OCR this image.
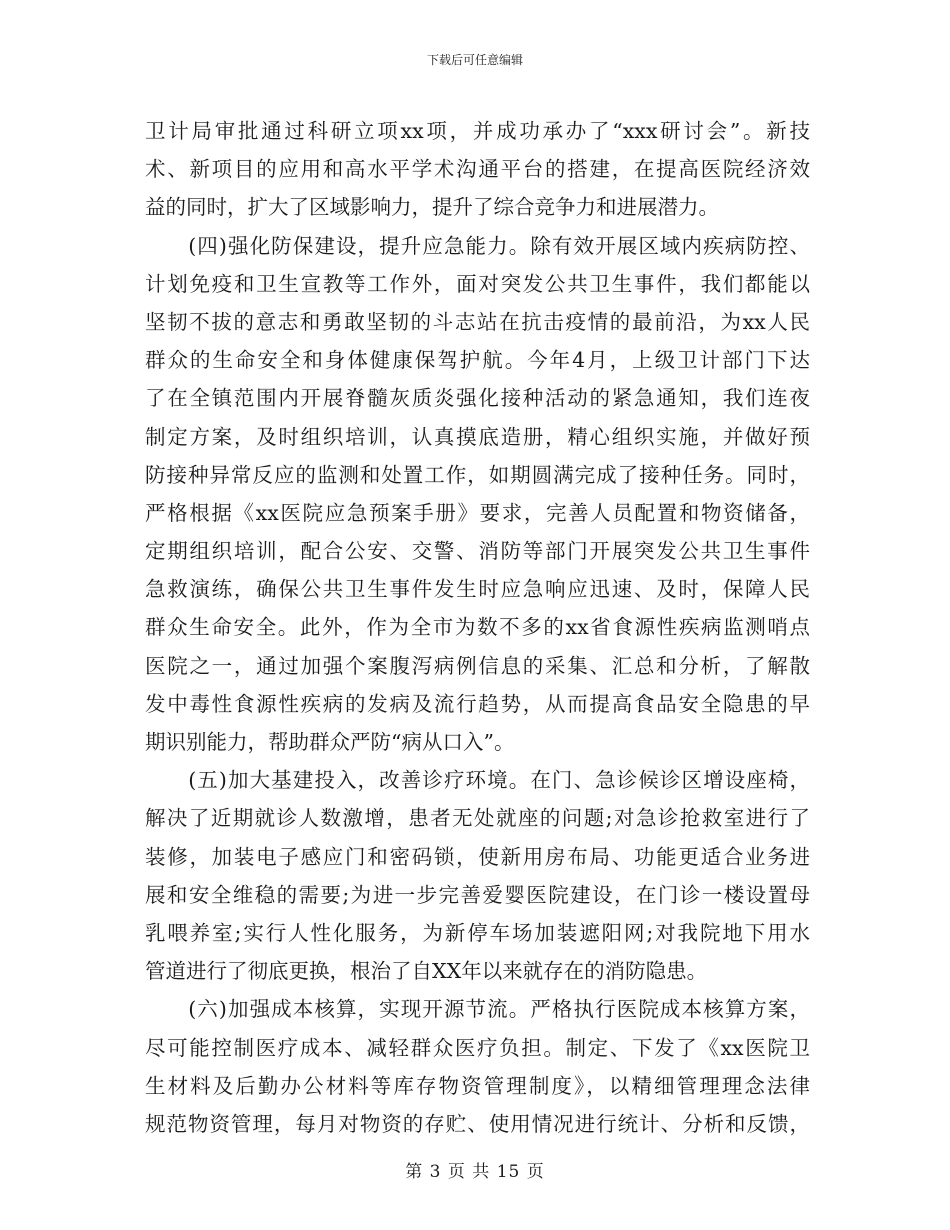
下载后可任意编辑
卫计局审批通过科研立项xx项，并成功承办了“xxx研讨会”。新技
术、新项目的应用和高水平学术沟通平台的搭建，在提高医院经济效
益的同时，扩大了区域影响力，提升了综合竞争力和进展潜力。
　　(四)强化防保建设，提升应急能力。除有效开展区域内疾病防控、
计划免疫和卫生宣教等工作外，面对突发公共卫生事件，我们都能以
坚韧不拔的意志和勇敢坚韧的斗志站在抗击疫情的最前沿，为xx人民
群众的生命安全和身体健康保驾护航。今年4月，上级卫计部门下达
了在全镇范围内开展脊髓灰质炎强化接种活动的紧急通知，我们连夜
制定方案，及时组织培训，认真摸底造册，精心组织实施，并做好预
防接种异常反应的监测和处置工作，如期圆满完成了接种任务。同时，
严格根据《xx医院应急预案手册》要求，完善人员配置和物资储备，
定期组织培训，配合公安、交警、消防等部门开展突发公共卫生事件
急救演练，确保公共卫生事件发生时应急响应迅速、及时，保障人民
群众生命安全。此外，作为全市为数不多的xx省食源性疾病监测哨点
医院之一，通过加强个案腹泻病例信息的采集、汇总和分析，了解散
发中毒性食源性疾病的发病及流行趋势，从而提高食品安全隐患的早
期识别能力，帮助群众严防“病从口入”。
　　(五)加大基建投入，改善诊疗环境。在门、急诊候诊区增设座椅，
解决了近期就诊人数激增，患者无处就座的问题;对急诊抢救室进行了
装修，加装电子感应门和密码锁，使新用房布局、功能更适合业务进
展和安全维稳的需要;为进一步完善爱婴医院建设，在门诊一楼设置母
乳喂养室;实行人性化服务，为新停车场加装遮阳网;对我院地下用水
管道进行了彻底更换，根治了自XX年以来就存在的消防隐患。
　　(六)加强成本核算，实现开源节流。严格执行医院成本核算方案，
尽可能控制医疗成本、减轻群众医疗负担。制定、下发了《xx医院卫
生材料及后勤办公材料等库存物资管理制度》，以精细管理理念法律
规范物资管理，每月对物资的存贮、使用情况进行统计、分析和反馈，
第 3 页 共 15 页
